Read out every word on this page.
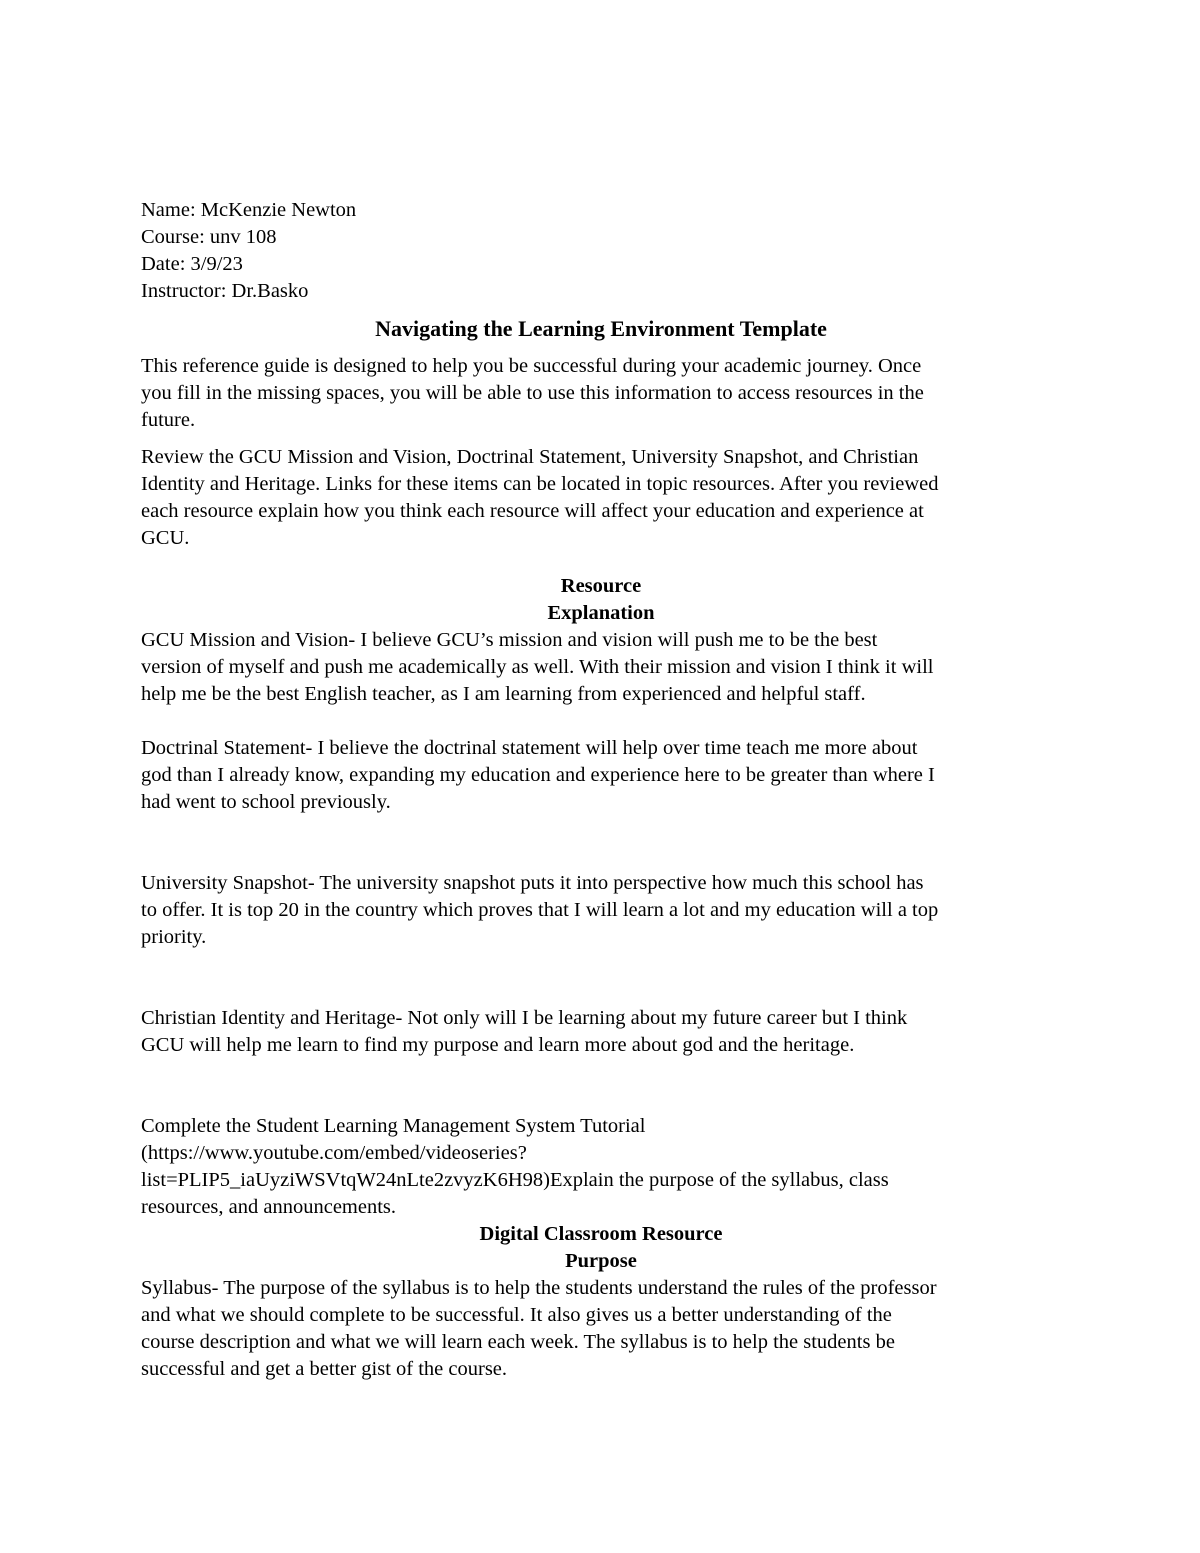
Name: McKenzie Newton
Course: unv 108
Date: 3/9/23
Instructor: Dr.Basko
Navigating the Learning Environment Template
This reference guide is designed to help you be successful during your academic journey. Once
you fill in the missing spaces, you will be able to use this information to access resources in the
future.
Review the GCU Mission and Vision, Doctrinal Statement, University Snapshot, and Christian
Identity and Heritage. Links for these items can be located in topic resources. After you reviewed
each resource explain how you think each resource will affect your education and experience at
GCU.
Resource
Explanation
GCU Mission and Vision- I believe GCU’s mission and vision will push me to be the best
version of myself and push me academically as well. With their mission and vision I think it will
help me be the best English teacher, as I am learning from experienced and helpful staff.
Doctrinal Statement- I believe the doctrinal statement will help over time teach me more about
god than I already know, expanding my education and experience here to be greater than where I
had went to school previously.
University Snapshot- The university snapshot puts it into perspective how much this school has
to offer. It is top 20 in the country which proves that I will learn a lot and my education will a top
priority.
Christian Identity and Heritage- Not only will I be learning about my future career but I think
GCU will help me learn to find my purpose and learn more about god and the heritage.
Complete the Student Learning Management System Tutorial
(https://www.youtube.com/embed/videoseries?
list=PLIP5_iaUyziWSVtqW24nLte2zvyzK6H98)Explain the purpose of the syllabus, class
resources, and announcements.
Digital Classroom Resource
Purpose
Syllabus- The purpose of the syllabus is to help the students understand the rules of the professor
and what we should complete to be successful. It also gives us a better understanding of the
course description and what we will learn each week. The syllabus is to help the students be
successful and get a better gist of the course.
